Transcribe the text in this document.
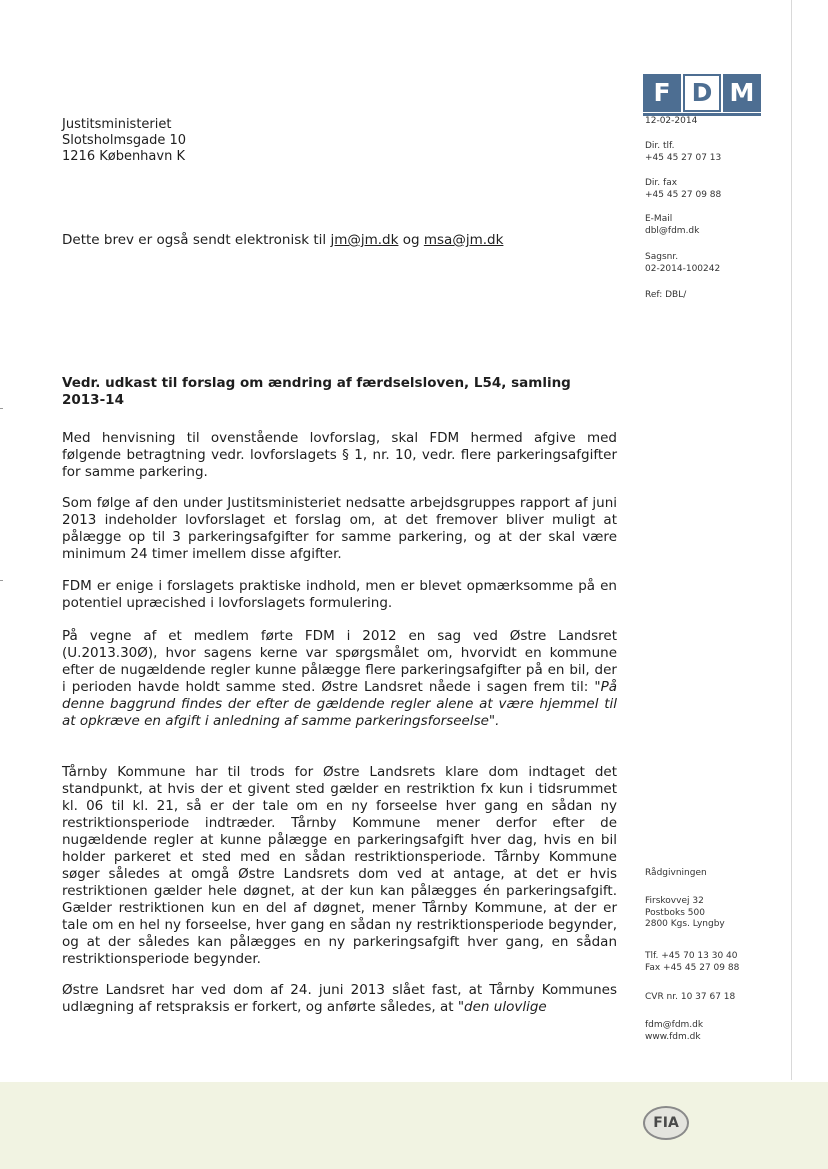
F D M
12-02-2014
Dir. tlf.
+45 45 27 07 13
Dir. fax
+45 45 27 09 88
E-Mail
dbl@fdm.dk
Sagsnr.
02-2014-100242
Ref: DBL/
Justitsministeriet
Slotsholmsgade 10
1216 København K
Dette brev er også sendt elektronisk til jm@jm.dk og msa@jm.dk
Vedr. udkast til forslag om ændring af færdselsloven, L54, samling 2013-14

Med henvisning til ovenstående lovforslag, skal FDM hermed afgive med følgende betragtning vedr. lovforslagets § 1, nr. 10, vedr. flere parkeringsafgifter for samme parkering.

Som følge af den under Justitsministeriet nedsatte arbejdsgruppes rapport af juni 2013 indeholder lovforslaget et forslag om, at det fremover bliver muligt at pålægge op til 3 parkeringsafgifter for samme parkering, og at der skal være minimum 24 timer imellem disse afgifter.

FDM er enige i forslagets praktiske indhold, men er blevet opmærksomme på en potentiel upræcished i lovforslagets formulering.

På vegne af et medlem førte FDM i 2012 en sag ved Østre Landsret (U.2013.30Ø), hvor sagens kerne var spørgsmålet om, hvorvidt en kommune efter de nugældende regler kunne pålægge flere parkeringsafgifter på en bil, der i perioden havde holdt samme sted. Østre Landsret nåede i sagen frem til: "På denne baggrund findes der efter de gældende regler alene at være hjemmel til at opkræve en afgift i anledning af samme parkeringsforseelse".

Tårnby Kommune har til trods for Østre Landsrets klare dom indtaget det standpunkt, at hvis der et givent sted gælder en restriktion fx kun i tidsrummet kl. 06 til kl. 21, så er der tale om en ny forseelse hver gang en sådan ny restriktionsperiode indtræder. Tårnby Kommune mener derfor efter de nugældende regler at kunne pålægge en parkeringsafgift hver dag, hvis en bil holder parkeret et sted med en sådan restriktionsperiode. Tårnby Kommune søger således at omgå Østre Landsrets dom ved at antage, at det er hvis restriktionen gælder hele døgnet, at der kun kan pålægges én parkeringsafgift. Gælder restriktionen kun en del af døgnet, mener Tårnby Kommune, at der er tale om en hel ny forseelse, hver gang en sådan ny restriktionsperiode begynder, og at der således kan pålægges en ny parkeringsafgift hver gang, en sådan restriktionsperiode begynder.

Østre Landsret har ved dom af 24. juni 2013 slået fast, at Tårnby Kommunes udlægning af retspraksis er forkert, og anførte således, at "den ulovlige

Rådgivningen
Firskovvej 32
Postboks 500
2800 Kgs. Lyngby
Tlf. +45 70 13 30 40
Fax +45 45 27 09 88
CVR nr. 10 37 67 18
fdm@fdm.dk
www.fdm.dk
FIA
